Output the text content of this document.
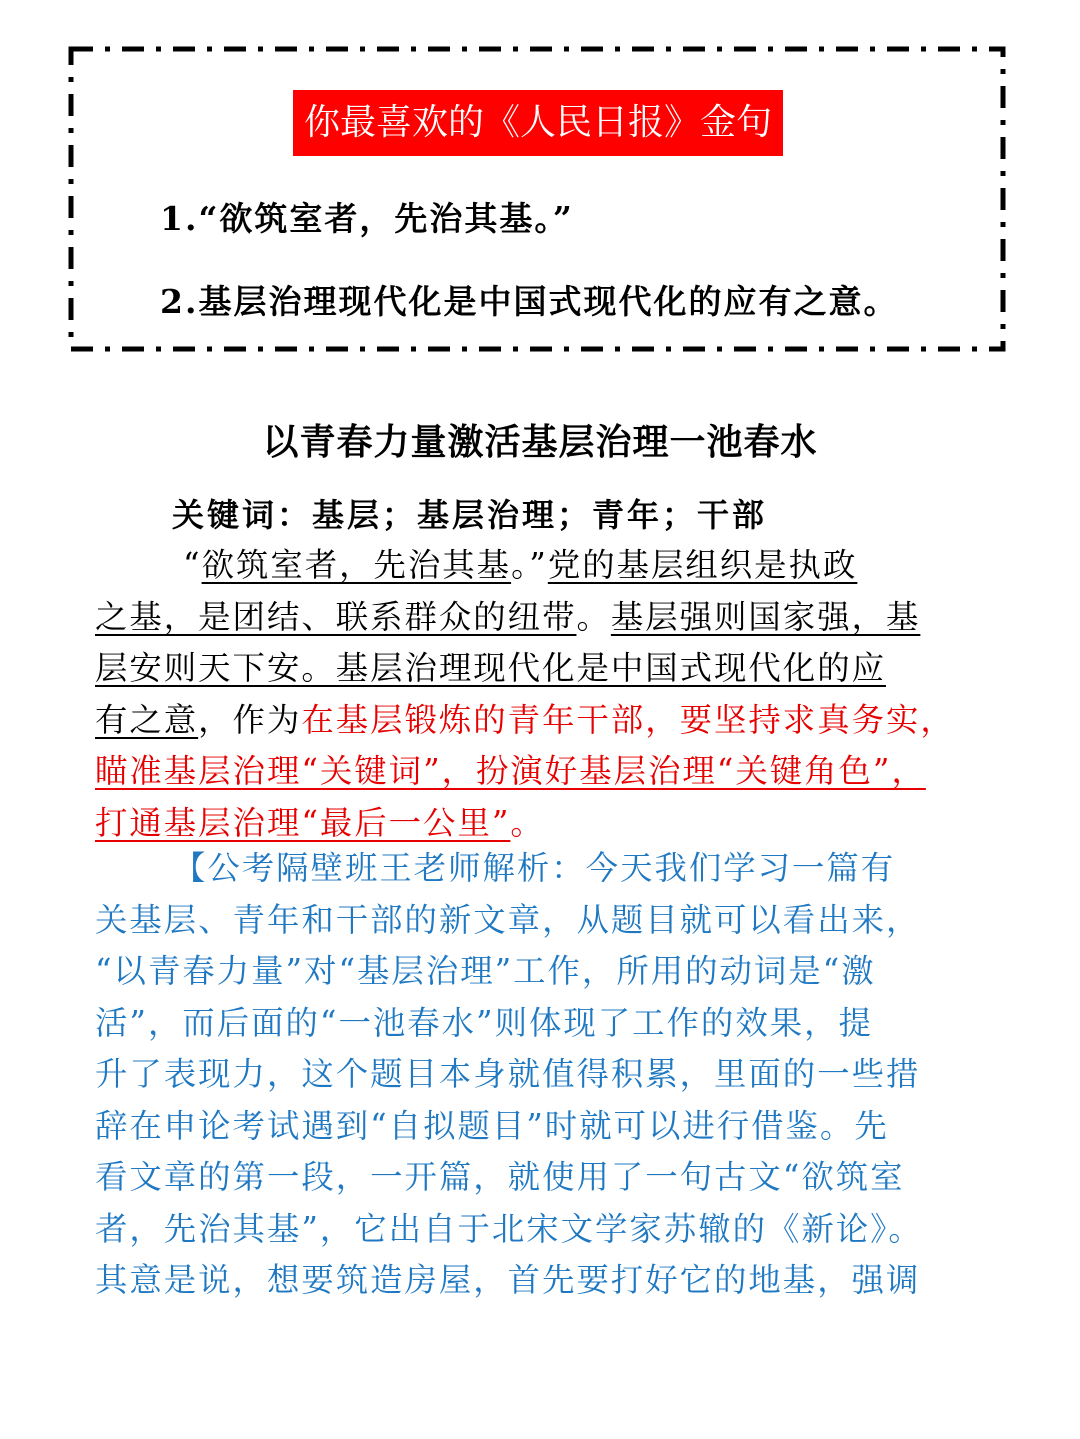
你最喜欢的《人民日报》金句
1.“欲筑室者，先治其基。”
2.基层治理现代化是中国式现代化的应有之意。
以青春力量激活基层治理一池春水
关键词：基层；基层治理；青年；干部
“欲筑室者，先治其基。”党的基层组织是执政
之基，是团结、联系群众的纽带。基层强则国家强，基
层安则天下安。基层治理现代化是中国式现代化的应
有之意，作为在基层锻炼的青年干部，要坚持求真务实，
瞄准基层治理“关键词”，扮演好基层治理“关键角色”，
打通基层治理“最后一公里”。
【公考隔壁班王老师解析：今天我们学习一篇有
关基层、青年和干部的新文章，从题目就可以看出来，
“以青春力量”对“基层治理”工作，所用的动词是“激
活”，而后面的“一池春水”则体现了工作的效果，提
升了表现力，这个题目本身就值得积累，里面的一些措
辞在申论考试遇到“自拟题目”时就可以进行借鉴。先
看文章的第一段，一开篇，就使用了一句古文“欲筑室
者，先治其基”，它出自于北宋文学家苏辙的《新论》。
其意是说，想要筑造房屋，首先要打好它的地基，强调
